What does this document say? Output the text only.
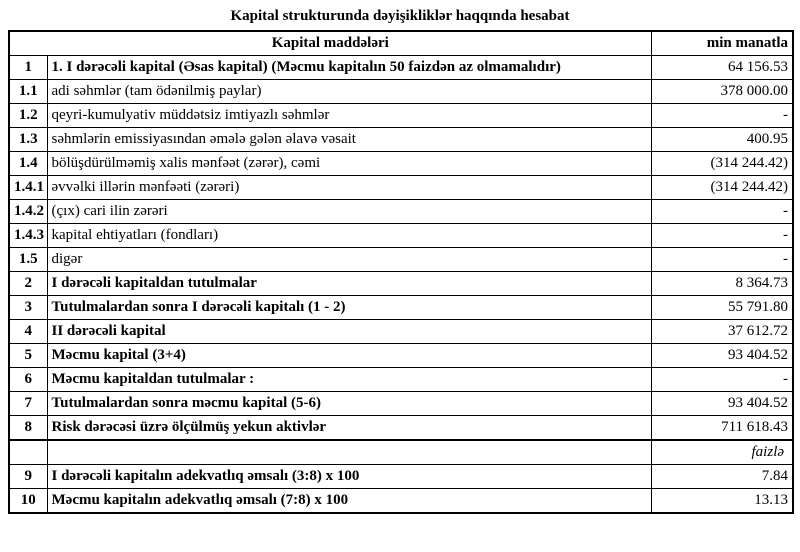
Kapital strukturunda dəyişikliklər haqqında hesabat
Kapital maddələri		min manatla
1	1. I dərəcəli kapital (Əsas kapital) (Məcmu kapitalın 50 faizdən az olmamalıdır)	64 156.53
1.1	adi səhmlər (tam ödənilmiş paylar)	378 000.00
1.2	qeyri-kumulyativ müddətsiz imtiyazlı səhmlər	-
1.3	səhmlərin emissiyasından əmələ gələn əlavə vəsait	400.95
1.4	bölüşdürülməmiş xalis mənfəət (zərər), cəmi	(314 244.42)
1.4.1	əvvəlki illərin mənfəəti (zərəri)	(314 244.42)
1.4.2	(çıx) cari ilin zərəri	-
1.4.3	kapital ehtiyatları (fondları)	-
1.5	digər	-
2	I dərəcəli kapitaldan tutulmalar	8 364.73
3	Tutulmalardan sonra I dərəcəli kapitalı (1 - 2)	55 791.80
4	II dərəcəli kapital	37 612.72
5	Məcmu kapital (3+4)	93 404.52
6	Məcmu kapitaldan tutulmalar :	-
7	Tutulmalardan sonra məcmu kapital (5-6)	93 404.52
8	Risk dərəcəsi üzrə ölçülmüş yekun aktivlər	711 618.43
		faizlə
9	I dərəcəli kapitalın adekvatlıq əmsalı (3:8) x 100	7.84
10	Məcmu kapitalın adekvatlıq əmsalı (7:8) x 100	13.13
